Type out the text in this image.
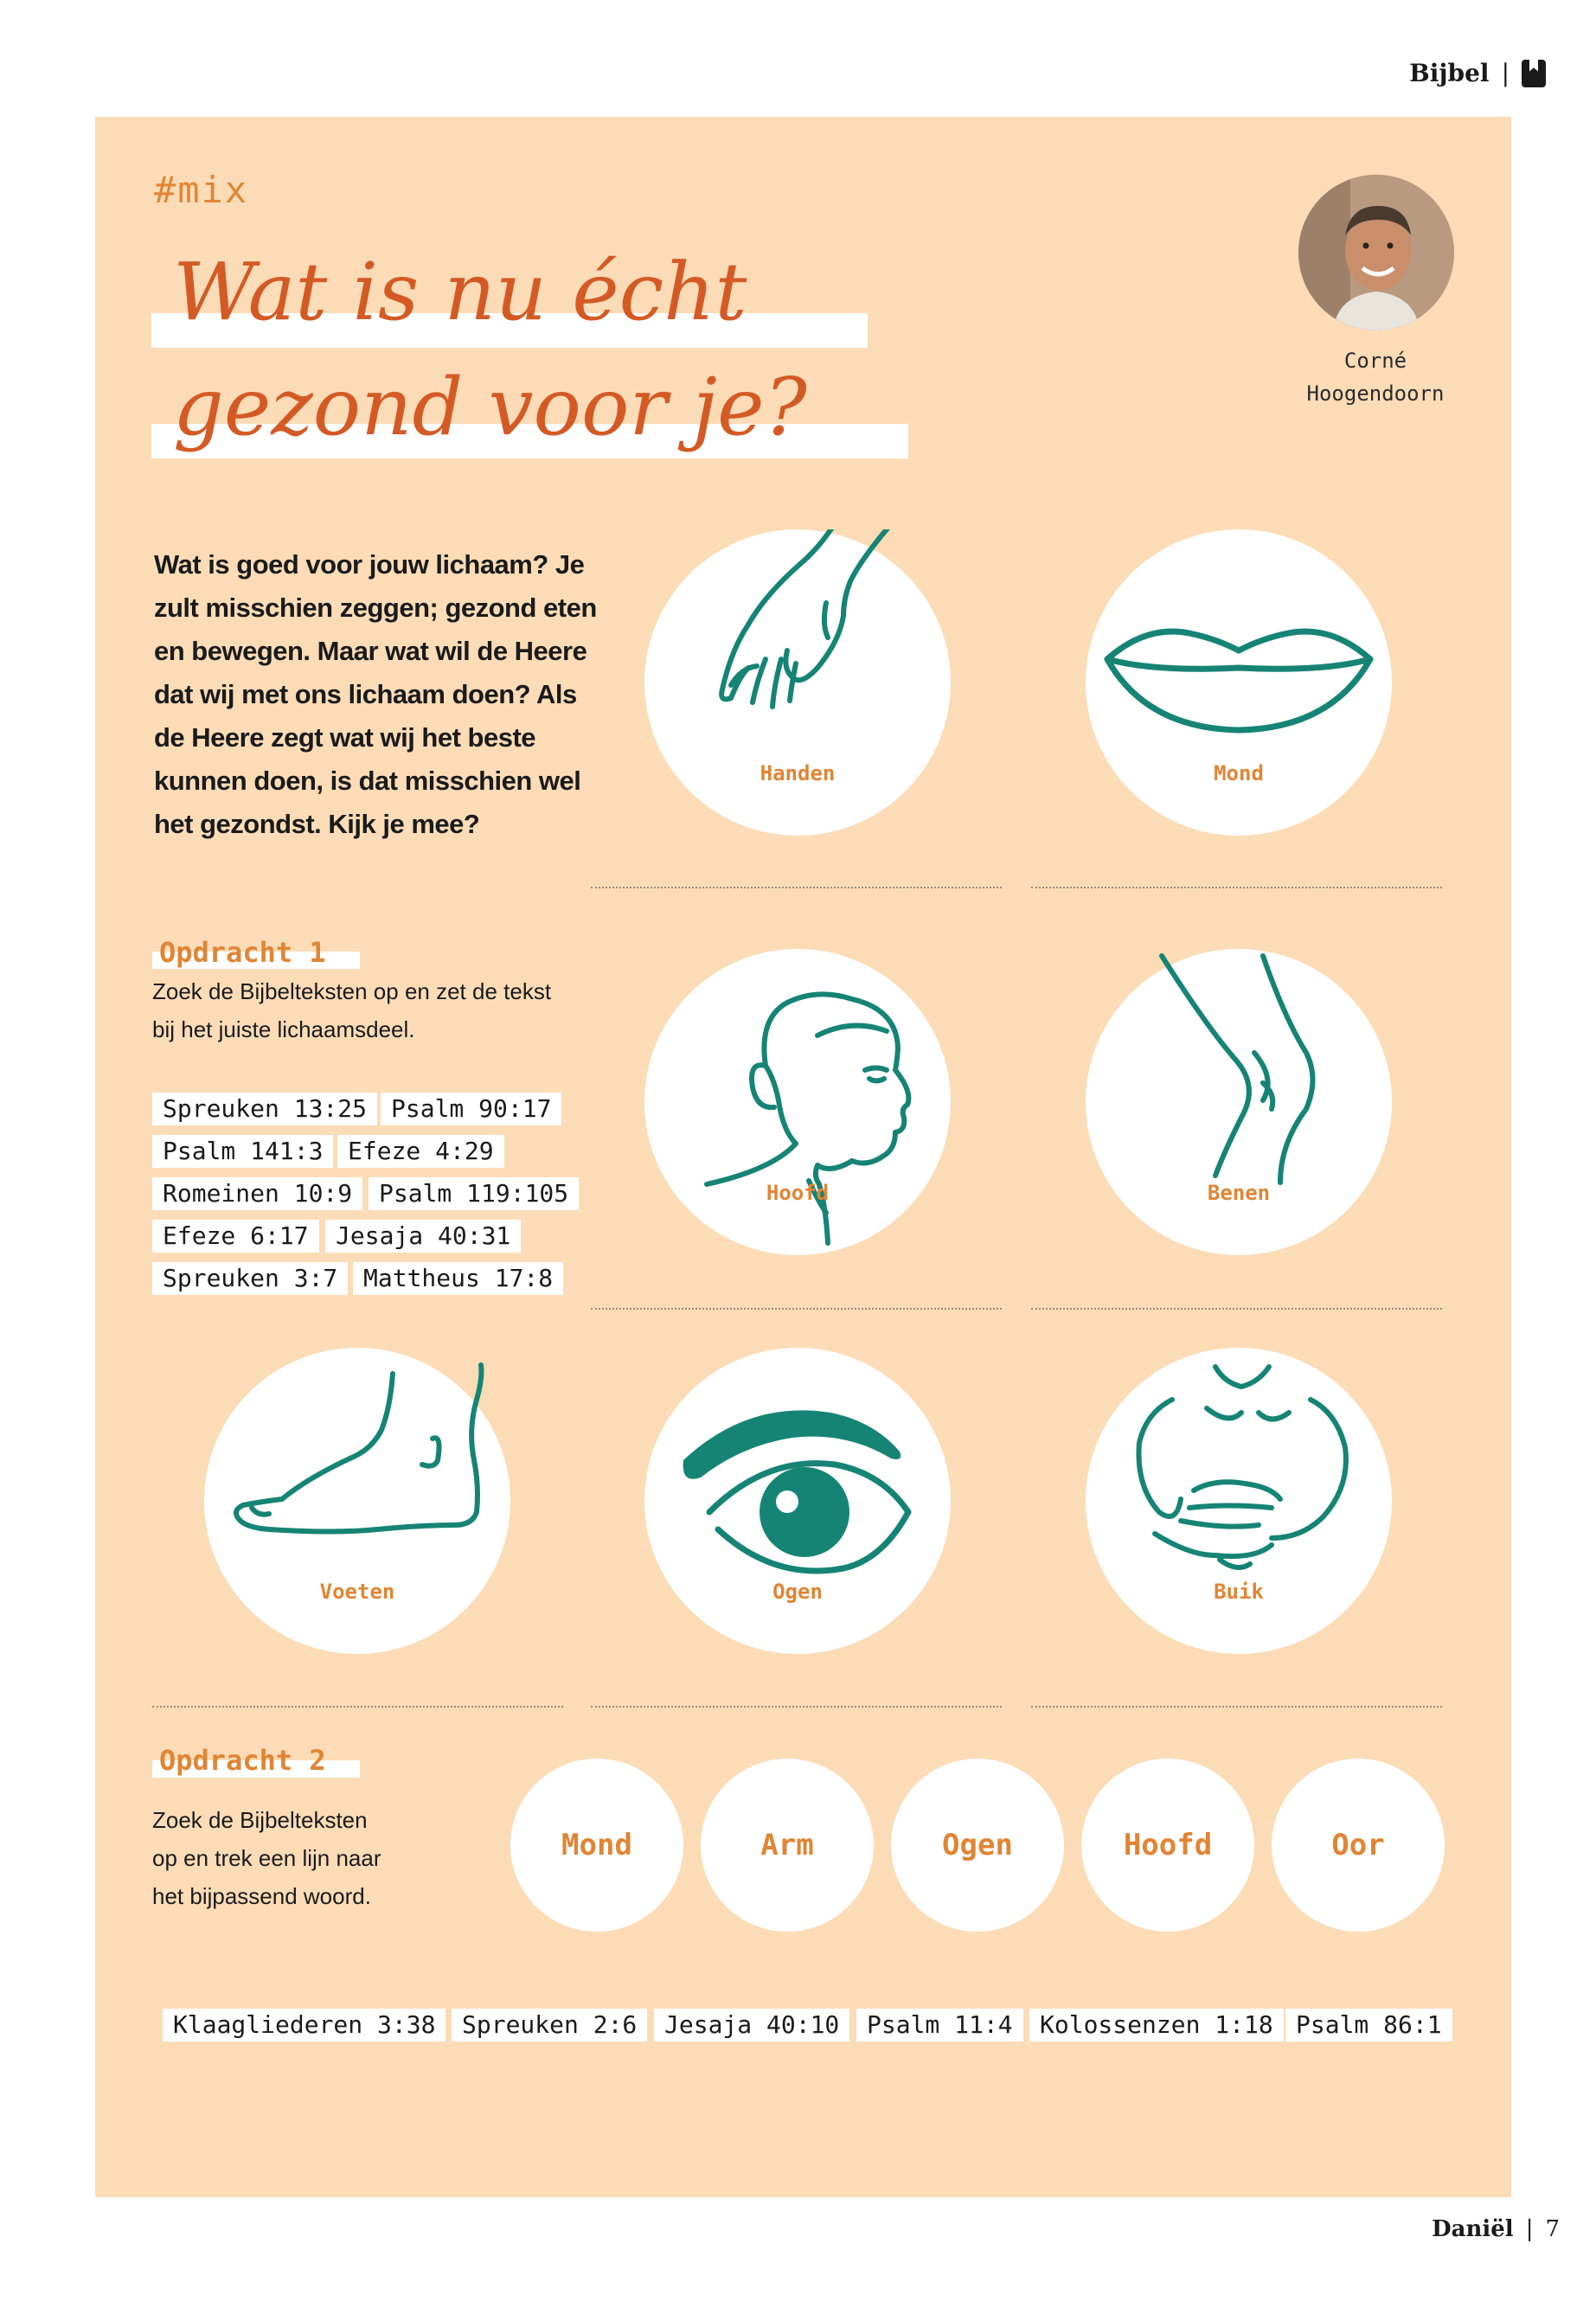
Bijbel |
#mix
Wat is nu écht
gezond voor je?	Corné
Hoogendoorn
Wat is goed voor jouw lichaam? Je zult misschien zeggen; gezond eten en bewegen. Maar wat wil de Heere dat wij met ons lichaam doen? Als de Heere zegt wat wij het beste kunnen doen, is dat misschien wel het gezondst. Kijk je mee?
Handen	Mond
Opdracht 1
Zoek de Bijbelteksten op en zet de tekst
bij het juiste lichaamsdeel.
Spreuken 13:25 Psalm 90:17
Psalm 141:3	Efeze 4:29
Romeinen 10:9	Psalm 119:105
Efeze 6:17	Jesaja 40:31
Spreuken 3:7	Mattheus 17:8
Hoofd	Benen
Voeten	Ogen	Buik
Opdracht 2
Zoek de Bijbelteksten
op en trek een lijn naar
het bijpassend woord.
Mond	Arm	Ogen	Hoofd	Oor
Klaagliederen 3:38	Spreuken 2:6	Jesaja 40:10	Psalm 11:4	Kolossenzen 1:18 Psalm 86:1
Daniël | 7
